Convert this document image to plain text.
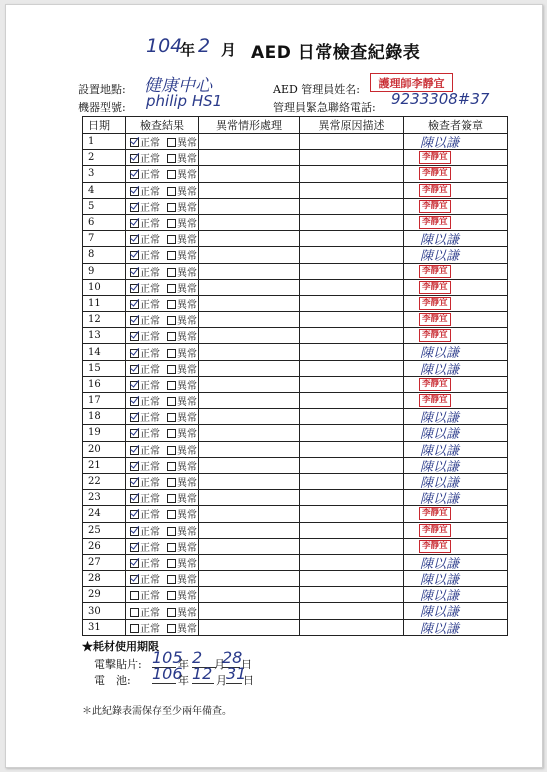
104
年 2 月 AED 日常檢查紀錄表
設置地點: 健康中心
機器型號: philip HS1
AED 管理員姓名:	護理師李靜宜
管理員緊急聯絡電話: 9233308#37
日期	檢查結果	異常情形處理	異常原因描述	檢查者簽章
1	正常 異常			陳以謙

2	正常 異常			李靜宜

3	正常 異常			李靜宜

4	正常 異常			李靜宜

5	正常 異常			李靜宜

6	正常 異常			李靜宜

7	正常 異常			陳以謙

8	正常 異常			陳以謙

9	正常 異常			李靜宜

10	正常 異常			李靜宜

11	正常 異常			李靜宜

12	正常 異常			李靜宜

13	正常 異常			李靜宜

14	正常 異常			陳以謙

15	正常 異常			陳以謙

16	正常 異常			李靜宜

17	正常 異常			李靜宜

18	正常 異常			陳以謙

19	正常 異常			陳以謙

20	正常 異常			陳以謙

21	正常 異常			陳以謙

22	正常 異常			陳以謙

23	正常 異常			陳以謙

24	正常 異常			李靜宜

25	正常 異常			李靜宜

26	正常 異常			李靜宜

27	正常 異常			陳以謙

28	正常 異常			陳以謙

29	正常 異常			陳以謙

30	正常 異常			陳以謙

31	正常 異常			陳以謙
★耗材使用期限
電擊貼片: 105
年 2	月
28
日
電　池: 106
年 12 月 31
日
＊此紀錄表需保存至少兩年備查。
